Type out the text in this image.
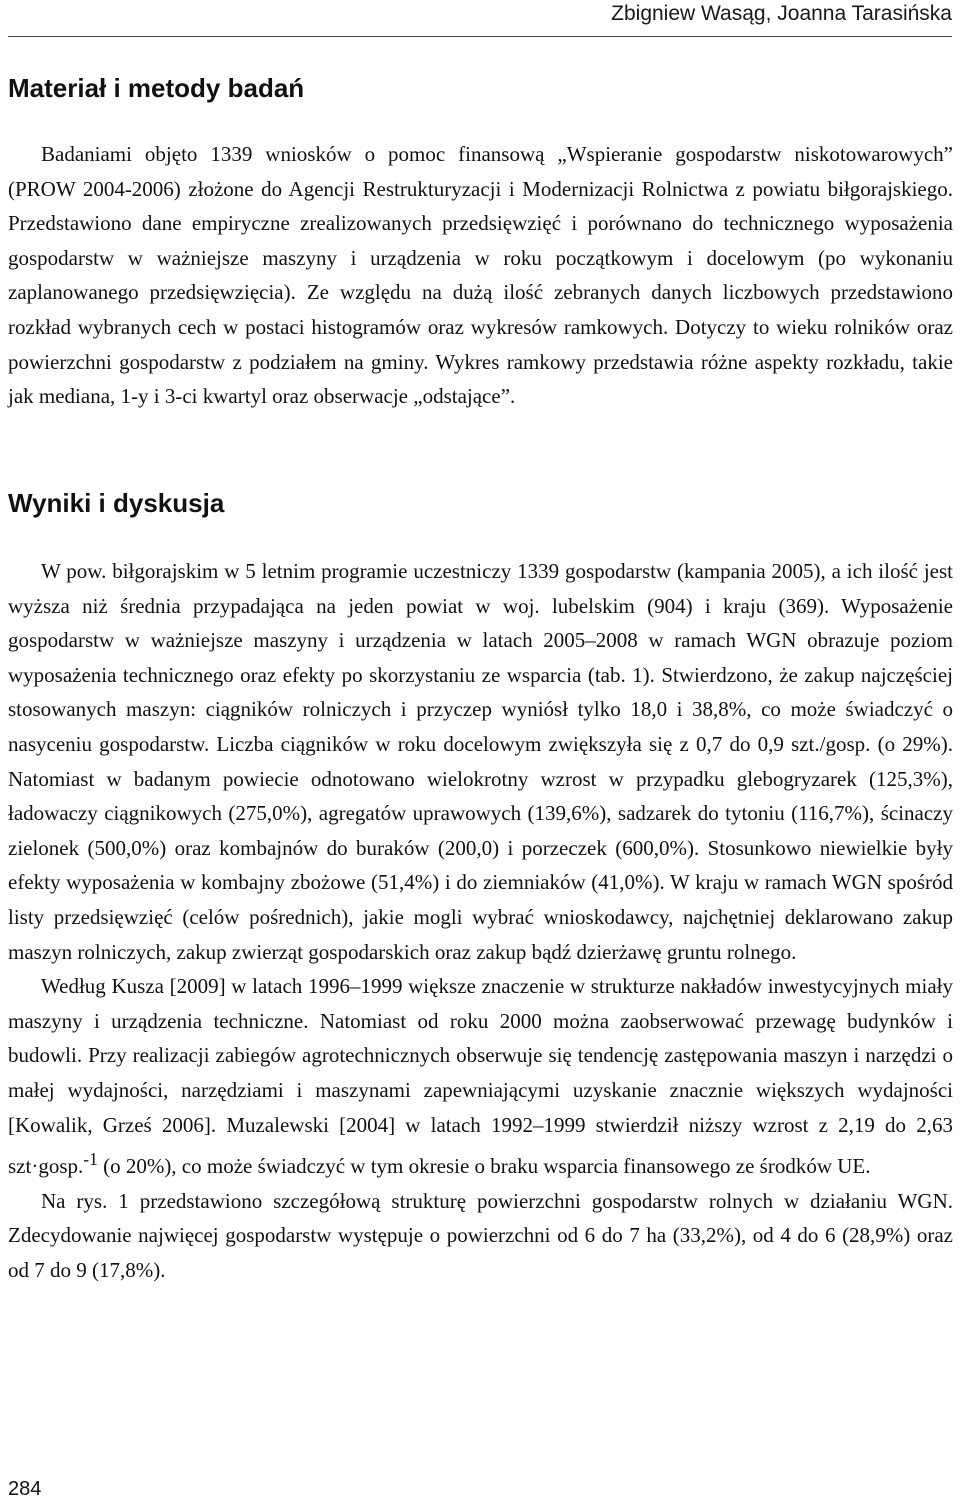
Zbigniew Wasąg, Joanna Tarasińska
Materiał i metody badań

Badaniami objęto 1339 wniosków o pomoc finansową „Wspieranie gospodarstw niskotowarowych” (PROW 2004-2006) złożone do Agencji Restrukturyzacji i Modernizacji Rolnictwa z powiatu biłgorajskiego. Przedstawiono dane empiryczne zrealizowanych przedsięwzięć i porównano do technicznego wyposażenia gospodarstw w ważniejsze maszyny i urządzenia w roku początkowym i docelowym (po wykonaniu zaplanowanego przedsięwzięcia). Ze względu na dużą ilość zebranych danych liczbowych przedstawiono rozkład wybranych cech w postaci histogramów oraz wykresów ramkowych. Dotyczy to wieku rolników oraz powierzchni gospodarstw z podziałem na gminy. Wykres ramkowy przedstawia różne aspekty rozkładu, takie jak mediana, 1-y i 3-ci kwartyl oraz obserwacje „odstające”.

Wyniki i dyskusja

W pow. biłgorajskim w 5 letnim programie uczestniczy 1339 gospodarstw (kampania 2005), a ich ilość jest wyższa niż średnia przypadająca na jeden powiat w woj. lubelskim (904) i kraju (369). Wyposażenie gospodarstw w ważniejsze maszyny i urządzenia w latach 2005–2008 w ramach WGN obrazuje poziom wyposażenia technicznego oraz efekty po skorzystaniu ze wsparcia (tab. 1). Stwierdzono, że zakup najczęściej stosowanych maszyn: ciągników rolniczych i przyczep wyniósł tylko 18,0 i 38,8%, co może świadczyć o nasyceniu gospodarstw. Liczba ciągników w roku docelowym zwiększyła się z 0,7 do 0,9 szt./gosp. (o 29%). Natomiast w badanym powiecie odnotowano wielokrotny wzrost w przypadku glebogryzarek (125,3%), ładowaczy ciągnikowych (275,0%), agregatów uprawowych (139,6%), sadzarek do tytoniu (116,7%), ścinaczy zielonek (500,0%) oraz kombajnów do buraków (200,0) i porzeczek (600,0%). Stosunkowo niewielkie były efekty wyposażenia w kombajny zbożowe (51,4%) i do ziemniaków (41,0%). W kraju w ramach WGN spośród listy przedsięwzięć (celów pośrednich), jakie mogli wybrać wnioskodawcy, najchętniej deklarowano zakup maszyn rolniczych, zakup zwierząt gospodarskich oraz zakup bądź dzierżawę gruntu rolnego.

Według Kusza [2009] w latach 1996–1999 większe znaczenie w strukturze nakładów inwestycyjnych miały maszyny i urządzenia techniczne. Natomiast od roku 2000 można zaobserwować przewagę budynków i budowli. Przy realizacji zabiegów agrotechnicznych obserwuje się tendencję zastępowania maszyn i narzędzi o małej wydajności, narzędziami i maszynami zapewniającymi uzyskanie znacznie większych wydajności [Kowalik, Grześ 2006]. Muzalewski [2004] w latach 1992–1999 stwierdził niższy wzrost z 2,19 do 2,63 szt·gosp.$^{-1}$ (o 20%), co może świadczyć w tym okresie o braku wsparcia finansowego ze środków UE.

Na rys. 1 przedstawiono szczegółową strukturę powierzchni gospodarstw rolnych w działaniu WGN. Zdecydowanie najwięcej gospodarstw występuje o powierzchni od 6 do 7 ha (33,2%), od 4 do 6 (28,9%) oraz od 7 do 9 (17,8%).

284
